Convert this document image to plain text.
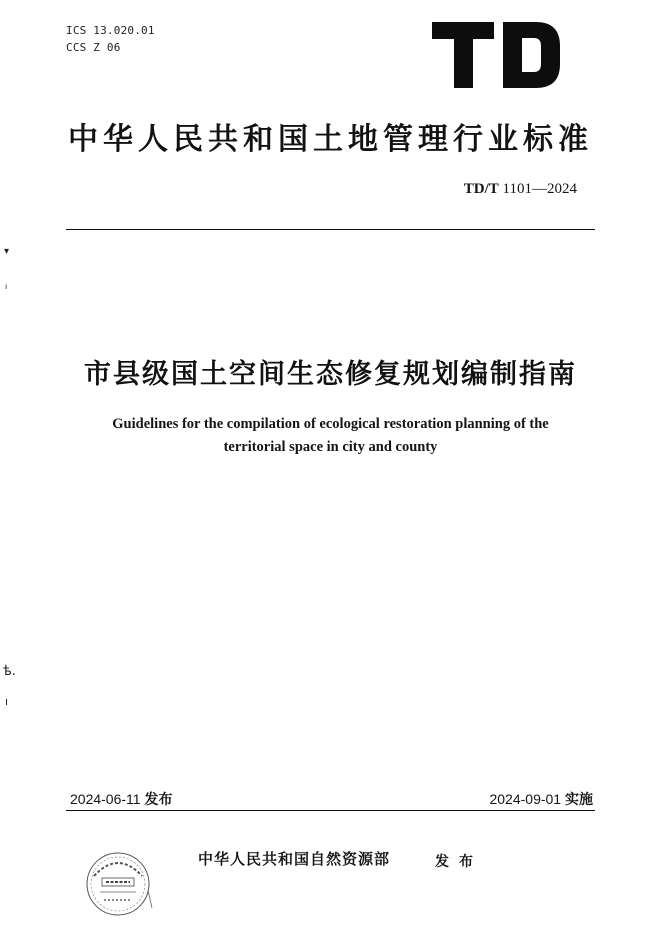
ICS 13.020.01
CCS Z 06
中华人民共和国土地管理行业标准
TD/T 1101—2024
▾
ı
ѣ.
ı
市县级国土空间生态修复规划编制指南
Guidelines for the compilation of ecological restoration planning of the
territorial space in city and county
2024-06-11 发布	2024-09-01 实施
中华人民共和国自然资源部	发布
